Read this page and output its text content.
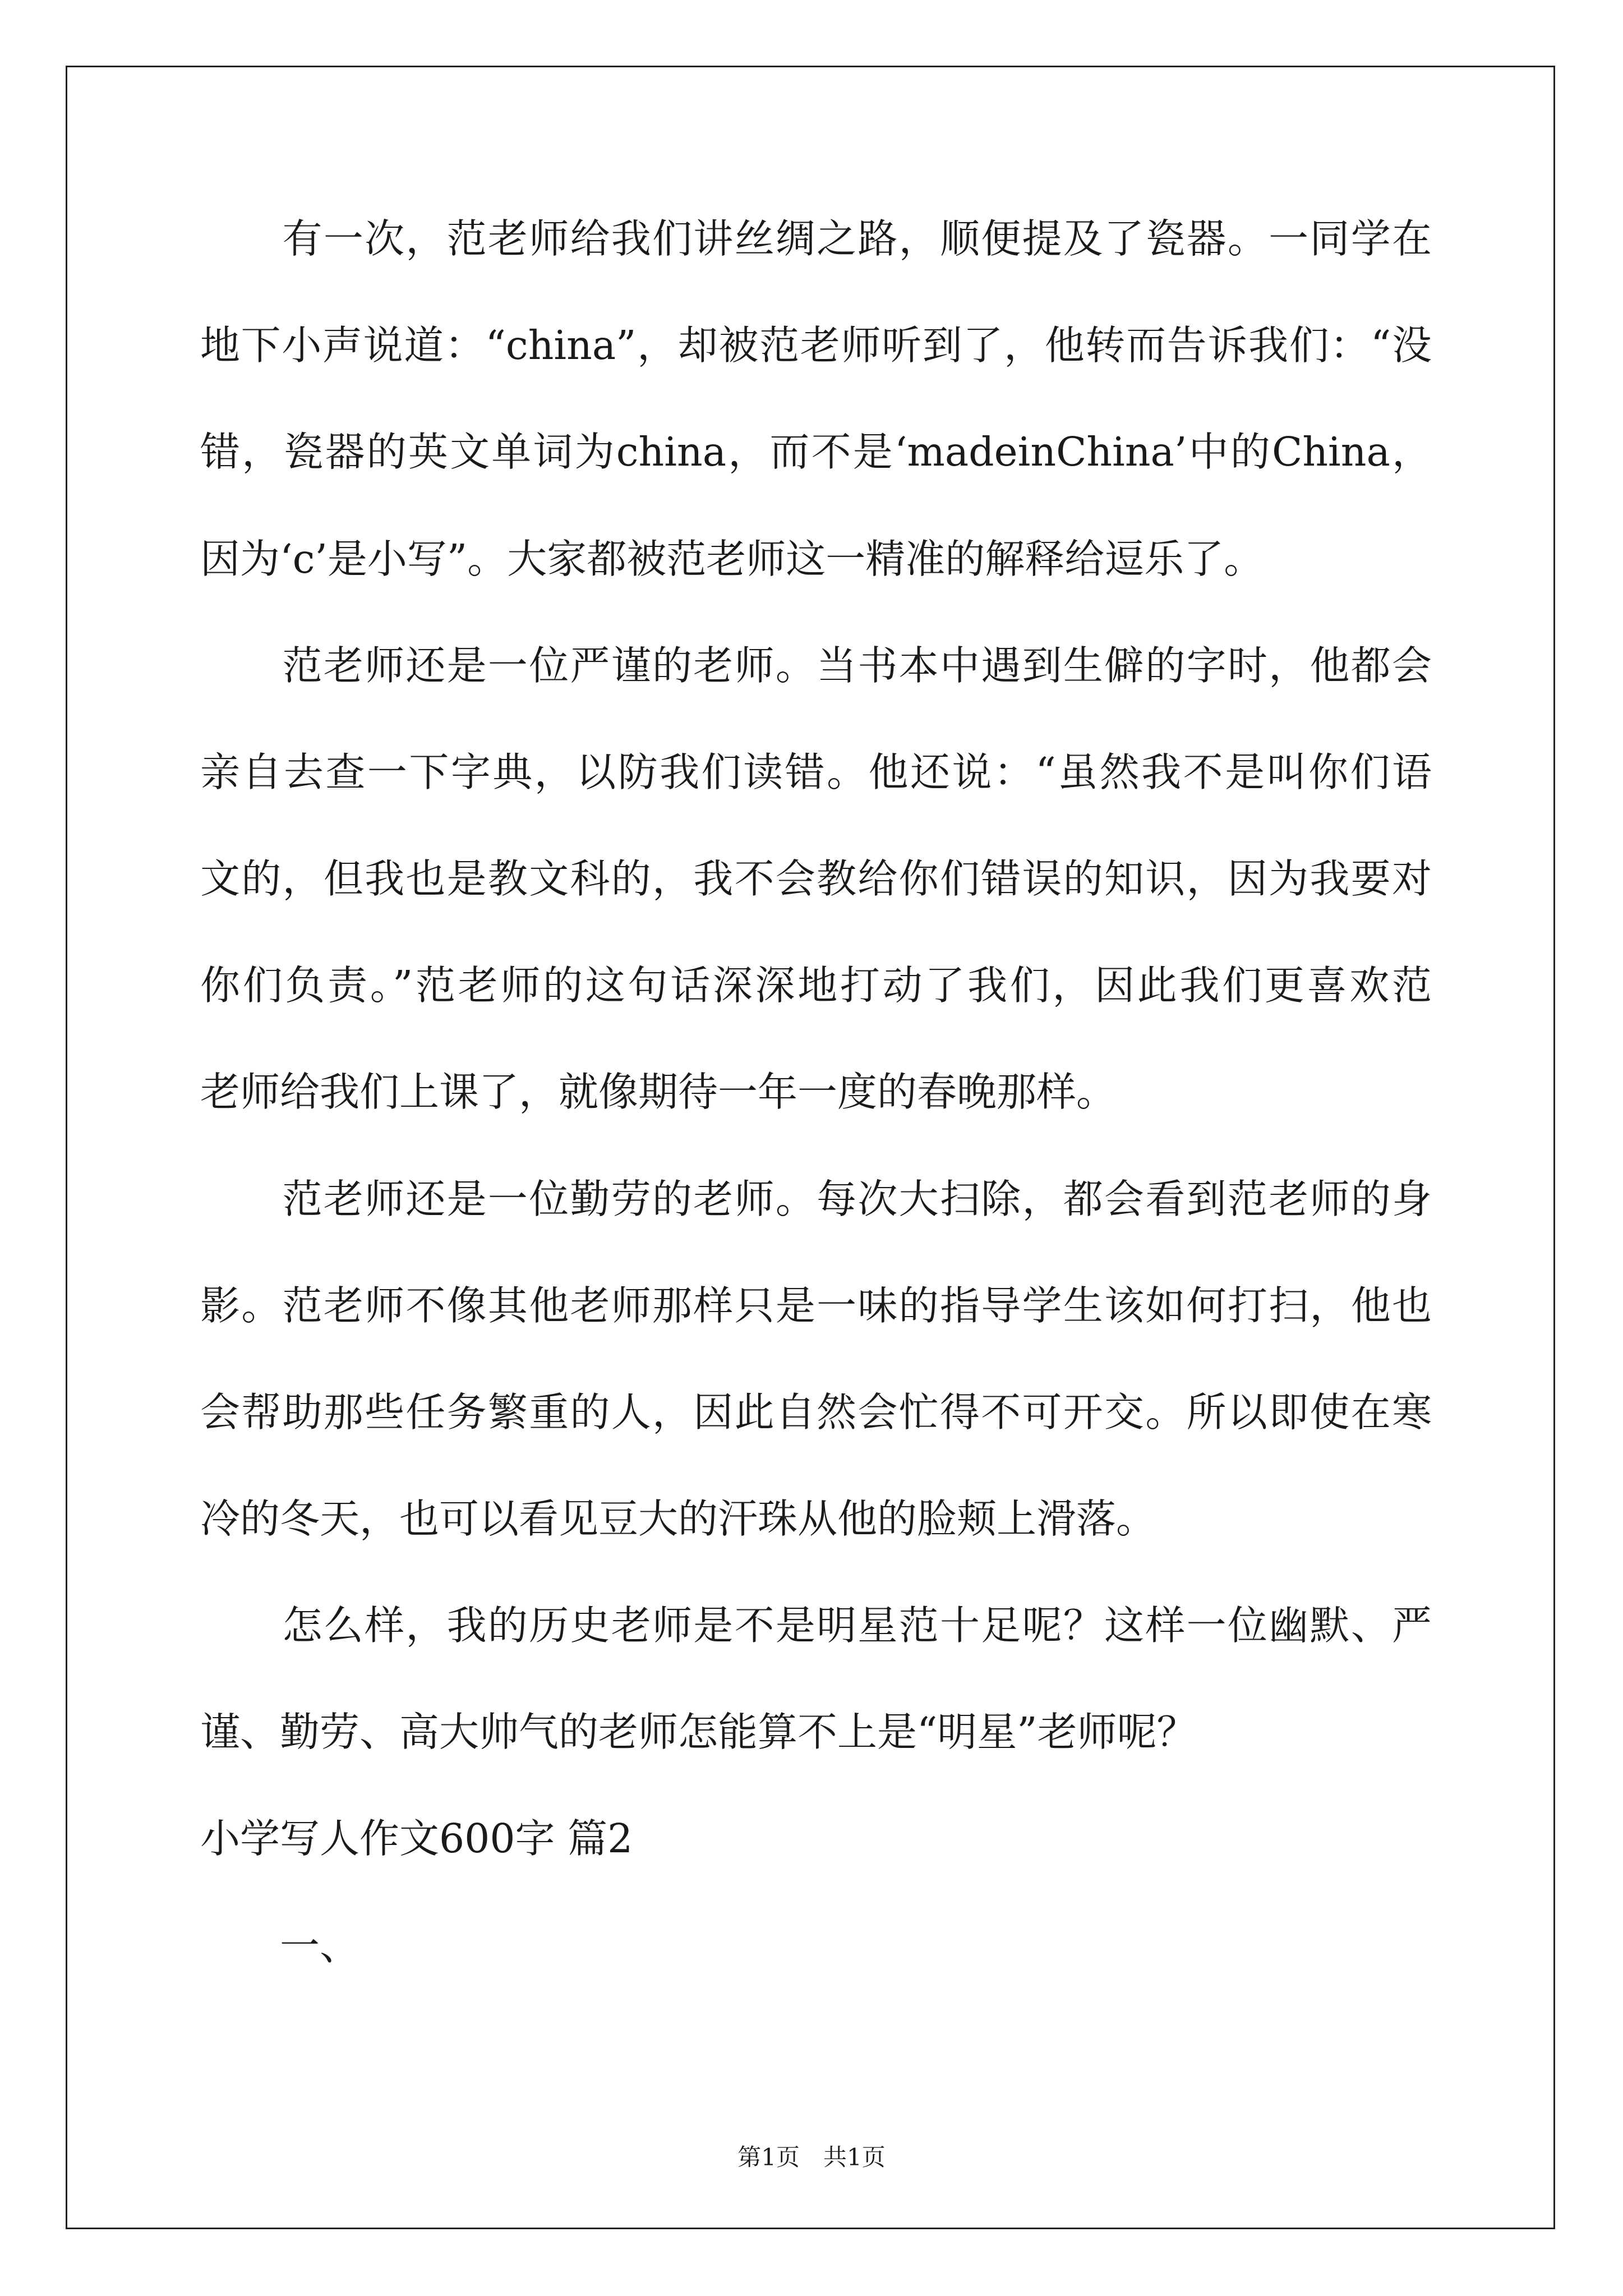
　　有一次，范老师给我们讲丝绸之路，顺便提及了瓷器。一同学在
地下小声说道：“china”，却被范老师听到了，他转而告诉我们：“没
错，瓷器的英文单词为china，而不是‘madeinChina’中的China，
因为‘c’是小写”。大家都被范老师这一精准的解释给逗乐了。
　　范老师还是一位严谨的老师。当书本中遇到生僻的字时，他都会
亲自去查一下字典，以防我们读错。他还说：“虽然我不是叫你们语
文的，但我也是教文科的，我不会教给你们错误的知识，因为我要对
你们负责。”范老师的这句话深深地打动了我们，因此我们更喜欢范
老师给我们上课了，就像期待一年一度的春晚那样。
　　范老师还是一位勤劳的老师。每次大扫除，都会看到范老师的身
影。范老师不像其他老师那样只是一味的指导学生该如何打扫，他也
会帮助那些任务繁重的人，因此自然会忙得不可开交。所以即使在寒
冷的冬天，也可以看见豆大的汗珠从他的脸颊上滑落。
　　怎么样，我的历史老师是不是明星范十足呢？这样一位幽默、严
谨、勤劳、高大帅气的老师怎能算不上是“明星”老师呢？
小学写人作文600字 篇2
　　一、
第1页　共1页
